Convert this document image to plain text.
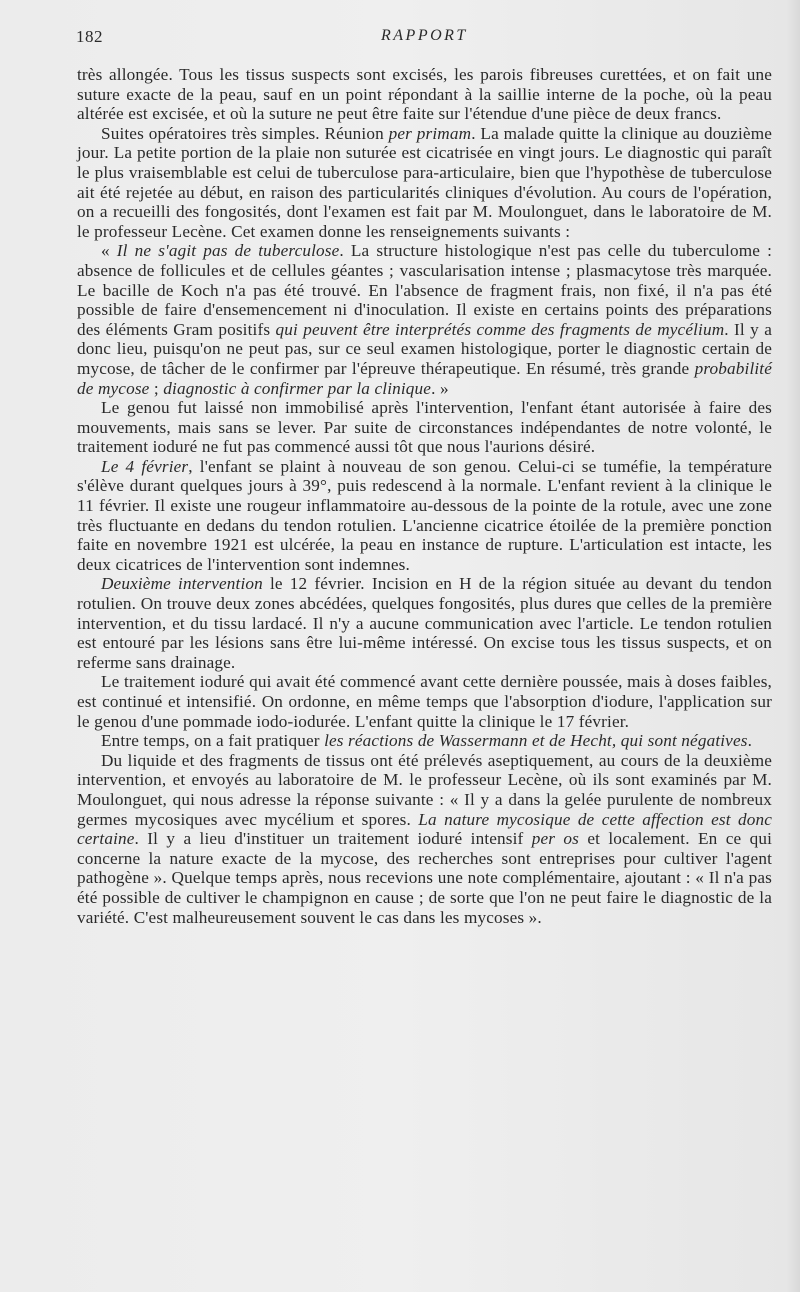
182	RAPPORT

très allongée. Tous les tissus suspects sont excisés, les parois fibreuses curettées, et on fait une suture exacte de la peau, sauf en un point répondant à la saillie interne de la poche, où la peau altérée est excisée, et où la suture ne peut être faite sur l'étendue d'une pièce de deux francs.

Suites opératoires très simples. Réunion per primam. La malade quitte la clinique au douzième jour. La petite portion de la plaie non suturée est cicatrisée en vingt jours. Le diagnostic qui paraît le plus vraisemblable est celui de tuberculose para-articulaire, bien que l'hypothèse de tuberculose ait été rejetée au début, en raison des particularités cliniques d'évolution. Au cours de l'opération, on a recueilli des fongosités, dont l'examen est fait par M. Moulonguet, dans le laboratoire de M. le professeur Lecène. Cet examen donne les renseignements suivants :

« Il ne s'agit pas de tuberculose. La structure histologique n'est pas celle du tuberculome : absence de follicules et de cellules géantes ; vascularisation intense ; plasmacytose très marquée. Le bacille de Koch n'a pas été trouvé. En l'absence de fragment frais, non fixé, il n'a pas été possible de faire d'ensemencement ni d'inoculation. Il existe en certains points des préparations des éléments Gram positifs qui peuvent être interprétés comme des fragments de mycélium. Il y a donc lieu, puisqu'on ne peut pas, sur ce seul examen histologique, porter le diagnostic certain de mycose, de tâcher de le confirmer par l'épreuve thérapeutique. En résumé, très grande probabilité de mycose ; diagnostic à confirmer par la clinique. »

Le genou fut laissé non immobilisé après l'intervention, l'enfant étant autorisée à faire des mouvements, mais sans se lever. Par suite de circonstances indépendantes de notre volonté, le traitement ioduré ne fut pas commencé aussi tôt que nous l'aurions désiré.

Le 4 février, l'enfant se plaint à nouveau de son genou. Celui-ci se tuméfie, la température s'élève durant quelques jours à 39°, puis redescend à la normale. L'enfant revient à la clinique le 11 février. Il existe une rougeur inflammatoire au-dessous de la pointe de la rotule, avec une zone très fluctuante en dedans du tendon rotulien. L'ancienne cicatrice étoilée de la première ponction faite en novembre 1921 est ulcérée, la peau en instance de rupture. L'articulation est intacte, les deux cicatrices de l'intervention sont indemnes.

Deuxième intervention le 12 février. Incision en H de la région située au devant du tendon rotulien. On trouve deux zones abcédées, quelques fongosités, plus dures que celles de la première intervention, et du tissu lardacé. Il n'y a aucune communication avec l'article. Le tendon rotulien est entouré par les lésions sans être lui-même intéressé. On excise tous les tissus suspects, et on referme sans drainage.

Le traitement ioduré qui avait été commencé avant cette dernière poussée, mais à doses faibles, est continué et intensifié. On ordonne, en même temps que l'absorption d'iodure, l'application sur le genou d'une pommade iodo-iodurée. L'enfant quitte la clinique le 17 février.

Entre temps, on a fait pratiquer les réactions de Wassermann et de Hecht, qui sont négatives.

Du liquide et des fragments de tissus ont été prélevés aseptiquement, au cours de la deuxième intervention, et envoyés au laboratoire de M. le professeur Lecène, où ils sont examinés par M. Moulonguet, qui nous adresse la réponse suivante : « Il y a dans la gelée purulente de nombreux germes mycosiques avec mycélium et spores. La nature mycosique de cette affection est donc certaine. Il y a lieu d'instituer un traitement ioduré intensif per os et localement. En ce qui concerne la nature exacte de la mycose, des recherches sont entreprises pour cultiver l'agent pathogène ». Quelque temps après, nous recevions une note complémentaire, ajoutant : « Il n'a pas été possible de cultiver le champignon en cause ; de sorte que l'on ne peut faire le diagnostic de la variété. C'est malheureusement souvent le cas dans les mycoses ».
